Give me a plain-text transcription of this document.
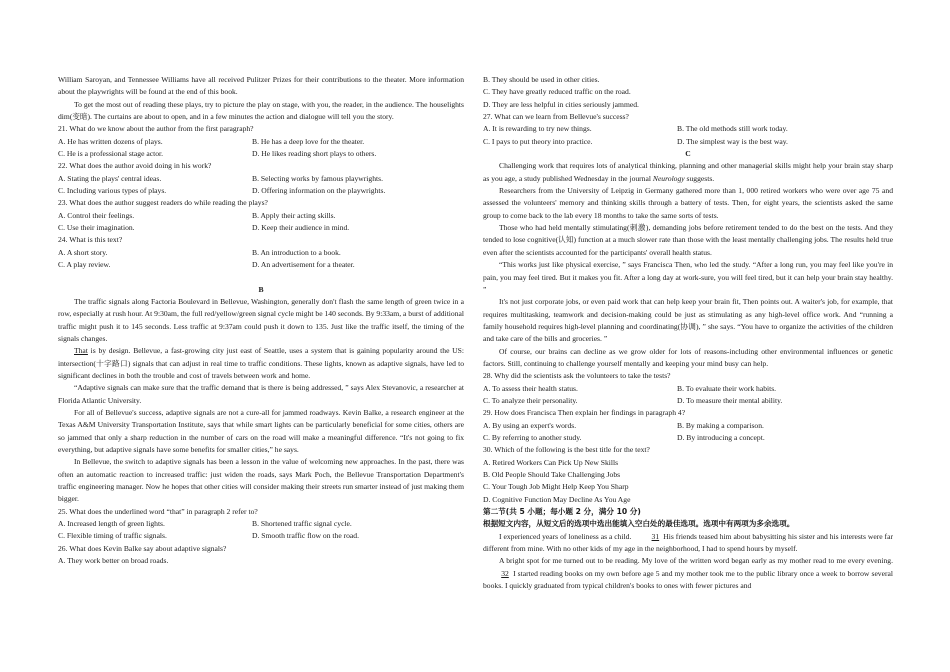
William Saroyan, and Tennessee Williams have all received Pulitzer Prizes for their contributions to the theater. More information about the playwrights will be found at the end of this book.

To get the most out of reading these plays, try to picture the play on stage, with you, the reader, in the audience. The houselights dim(变暗). The curtains are about to open, and in a few minutes the action and dialogue will tell you the story.

21. What do we know about the author from the first paragraph?

A. He has written dozens of plays.	B. He has a deep love for the theater.
C. He is a professional stage actor.	D. He likes reading short plays to others.

22. What does the author avoid doing in his work?

A. Stating the plays' central ideas.	B. Selecting works by famous playwrights.
C. Including various types of plays.	D. Offering information on the playwrights.

23. What does the author suggest readers do while reading the plays?

A. Control their feelings.	B. Apply their acting skills.
C. Use their imagination.	D. Keep their audience in mind.

24. What is this text?

A. A short story.	B. An introduction to a book.
C. A play review.	D. An advertisement for a theater.

B

The traffic signals along Factoria Boulevard in Bellevue, Washington, generally don't flash the same length of green twice in a row, especially at rush hour. At 9:30am, the full red/yellow/green signal cycle might be 140 seconds. By 9:33am, a burst of additional traffic might push it to 145 seconds. Less traffic at 9:37am could push it down to 135. Just like the traffic itself, the timing of the signals changes.

That is by design. Bellevue, a fast-growing city just east of Seattle, uses a system that is gaining popularity around the US: intersection(十字路口) signals that can adjust in real time to traffic conditions. These lights, known as adaptive signals, have led to significant declines in both the trouble and cost of travels between work and home.

“Adaptive signals can make sure that the traffic demand that is there is being addressed, ” says Alex Stevanovic, a researcher at Florida Atlantic University.

For all of Bellevue's success, adaptive signals are not a cure-all for jammed roadways. Kevin Balke, a research engineer at the Texas A&M University Transportation Institute, says that while smart lights can be particularly beneficial for some cities, others are so jammed that only a sharp reduction in the number of cars on the road will make a meaningful difference. “It's not going to fix everything, but adaptive signals have some benefits for smaller cities,” he says.

In Bellevue, the switch to adaptive signals has been a lesson in the value of welcoming new approaches. In the past, there was often an automatic reaction to increased traffic: just widen the roads, says Mark Poch, the Bellevue Transportation Department's traffic engineering manager. Now he hopes that other cities will consider making their streets run smarter instead of just making them bigger.

25. What does the underlined word “that” in paragraph 2 refer to?

A. Increased length of green lights.	B. Shortened traffic signal cycle.
C. Flexible timing of traffic signals.	D. Smooth traffic flow on the road.

26. What does Kevin Balke say about adaptive signals?

A. They work better on broad roads.

B. They should be used in other cities.

C. They have greatly reduced traffic on the road.

D. They are less helpful in cities seriously jammed.

27. What can we learn from Bellevue's success?

A. It is rewarding to try new things.	B. The old methods still work today.
C. I pays to put theory into practice.	D. The simplest way is the best way.

C

Challenging work that requires lots of analytical thinking, planning and other managerial skills might help your brain stay sharp as you age, a study published Wednesday in the journal Neurology suggests.

Researchers from the University of Leipzig in Germany gathered more than 1, 000 retired workers who were over age 75 and assessed the volunteers' memory and thinking skills through a battery of tests. Then, for eight years, the scientists asked the same group to come back to the lab every 18 months to take the same sorts of tests.

Those who had held mentally stimulating(刺激), demanding jobs before retirement tended to do the best on the tests. And they tended to lose cognitive(认知) function at a much slower rate than those with the least mentally challenging jobs. The results held true even after the scientists accounted for the participants' overall health status.

“This works just like physical exercise, ” says Francisca Then, who led the study. “After a long run, you may feel like you're in pain, you may feel tired. But it makes you fit. After a long day at work-sure, you will feel tired, but it can help your brain stay healthy. ”

It's not just corporate jobs, or even paid work that can help keep your brain fit, Then points out. A waiter's job, for example, that requires multitasking, teamwork and decision-making could be just as stimulating as any high-level office work. And “running a family household requires high-level planning and coordinating(协调), ” she says. “You have to organize the activities of the children and take care of the bills and groceries. ”

Of course, our brains can decline as we grow older for lots of reasons-including other environmental influences or genetic factors. Still, continuing to challenge yourself mentally and keeping your mind busy can help.

28. Why did the scientists ask the volunteers to take the tests?

A. To assess their health status.	B. To evaluate their work habits.
C. To analyze their personality.	D. To measure their mental ability.

29. How does Francisca Then explain her findings in paragraph 4?

A. By using an expert's words.	B. By making a comparison.
C. By referring to another study.	D. By introducing a concept.

30. Which of the following is the best title for the text?

A. Retired Workers Can Pick Up New Skills

B. Old People Should Take Challenging Jobs

C. Your Tough Job Might Help Keep You Sharp

D. Cognitive Function May Decline As You Age

第二节(共 5 小题；每小题 2 分，满分 10 分)

根据短文内容，从短文后的选项中选出能填入空白处的最佳选项。选项中有两项为多余选项。

I experienced years of loneliness as a child. 31 His friends teased him about babysitting his sister and his interests were far different from mine. With no other kids of my age in the neighborhood, I had to spend hours by myself.

A bright spot for me turned out to be reading. My love of the written word began early as my mother read to me every evening. 32 I started reading books on my own before age 5 and my mother took me to the public library once a week to borrow several books. I quickly graduated from typical children's books to ones with fewer pictures and
